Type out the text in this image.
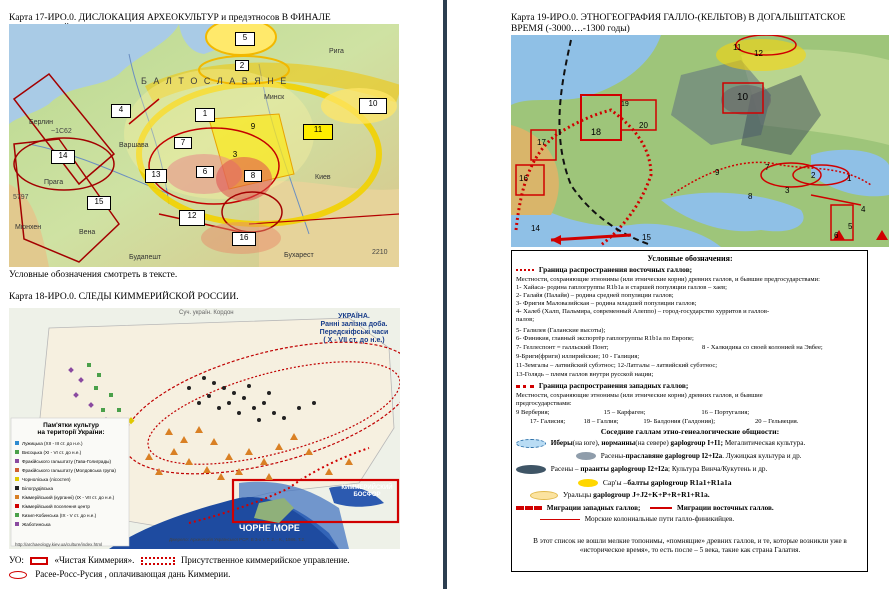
Карта 17-ИРО.0. ДИСЛОКАЦИЯ АРХЕОКУЛЬТУР и предэтносов В ФИНАЛЕ
5
2
4	1
10
9	11
7
3
14
13	6	8
15
12
16
Б А Л Т О С Л А В Я Н Е
Берлин
Варшава
Вена
Прага
Будапешт
Мюнхен
Бухарест
Киев
Минск
Рига
5797
2210
~1С62
Условные обозначения смотреть в тексте.
Карта 18-ИРО.0. СЛЕДЫ КИММЕРИЙСКОЙ РОССИИ.
УКРАЇНА.
Ранні залізна доба.
Передскіфські часи
( X - VII ст. до н.е.)
Суч. україн. Кордон
Пам'ятки культур
на території України:
Лужицька (XII - III ст. до н.е.)
Висоцька (XI - VI ст. до н.е.)
Фракійського гальштату (Гава-Голиграды)
Фракійського гальштату (Молдовська група)
Чорноліська (лісостеп)
Білогрудівська
Кіммерійський (курганні) (IX - VII ст. до н.е.)
Кіммерійський поселення центр
Кизил-Кобинська (IX - V ст. до н.е.)
Жаботинська	ЧОРНЕ МОРЕ
КИММЕРИЙСКИЙ
БОСФОР
Джерело: Археологія Української РСР: В 3-х т. Т. 2. - К., 1986. Т.2.
http://archaeology.kiev.ua/culture/index.html
УО:	«Чистая Киммерия».	Присутственное киммерийское управление.
Расее-Росс-Русия , оплачивающая дань Киммерии.
Карта 19-ИРО.0. ЭТНОГЕОГРАФИЯ ГАЛЛО-(КЕЛЬТОВ) В ДОГАЛЬШТАТСКОЕ ВРЕМЯ (-3000….-1300 годы)
11
12
10
19
18
20
17
16
9
7
3
2	1
8
4
5
6
14
15
Условные обозначения:
Граница распространения восточных галлов;
Местности, сохраняющие этнонимы (или этнические корни) древних галлов, и бывшие предгосударствами:
1- Хайаса- родина гаплогруппы R1b1a и старшей популяции галлов – хаев;
2- Галайя (Палайя) – родина средней популяции галлов;
3- Фригия Маловазийская – родина младшей популяции галлов;
4- Халеб (Халп, Пальмира, современный Алеппо) – город-государство хурритов и галлов-
палов;
5- Галилея (Галанские высоты);
6- Финикия, главный экспортёр гаплогруппы R1b1a по Европе;
7- Геллеспонт = галльский Понт;	8 - Халкидика со своей колонией на Эвбее;
9-Бриги(фриги) иллирийские; 10 - Галиция;
11-Земгалы – латвийский субэтнос; 12-Латгалы – латвийский субэтнос;
13-Голядь – племя галлов внутри русской нации;
Граница распространения западных галлов;
Местности, сохраняющие этнонимы (или этнические корни) древних галлов, и бывшие
предгосударствами:
9 Верберия;	15 – Карфаген;	16 – Португалия;
17- Галисия;	18 – Галлия;	19- Балдония (Галдония);	20 – Гельвеция.
Соседние галлам этно-генеалогические общности:
Иберы(на юге), норманны(на севере) gaplogroup I+I1; Мегалитическая культура.
Расены-праславяне gaplogroup I2+I2a. Лужицкая культура и др.
Расены – праанты gaplogroup I2+I2a; Культура Винча/Кукутень и др.
Сар'ы –балты gaplogroup R1a1+R1a1a
Уральцы gaplogroup J+J2+K+P+R+R1+R1a.
Миграции западных галлов;	Миграции восточных галлов.
Морские колониальные пути галло-финикийцев.
В этот список не вошли мелкие топонимы, «помнящие» древних галлов, и те, которые возникли уже в «историческое время», то есть после – 5 века, такие как страна Галатия.
